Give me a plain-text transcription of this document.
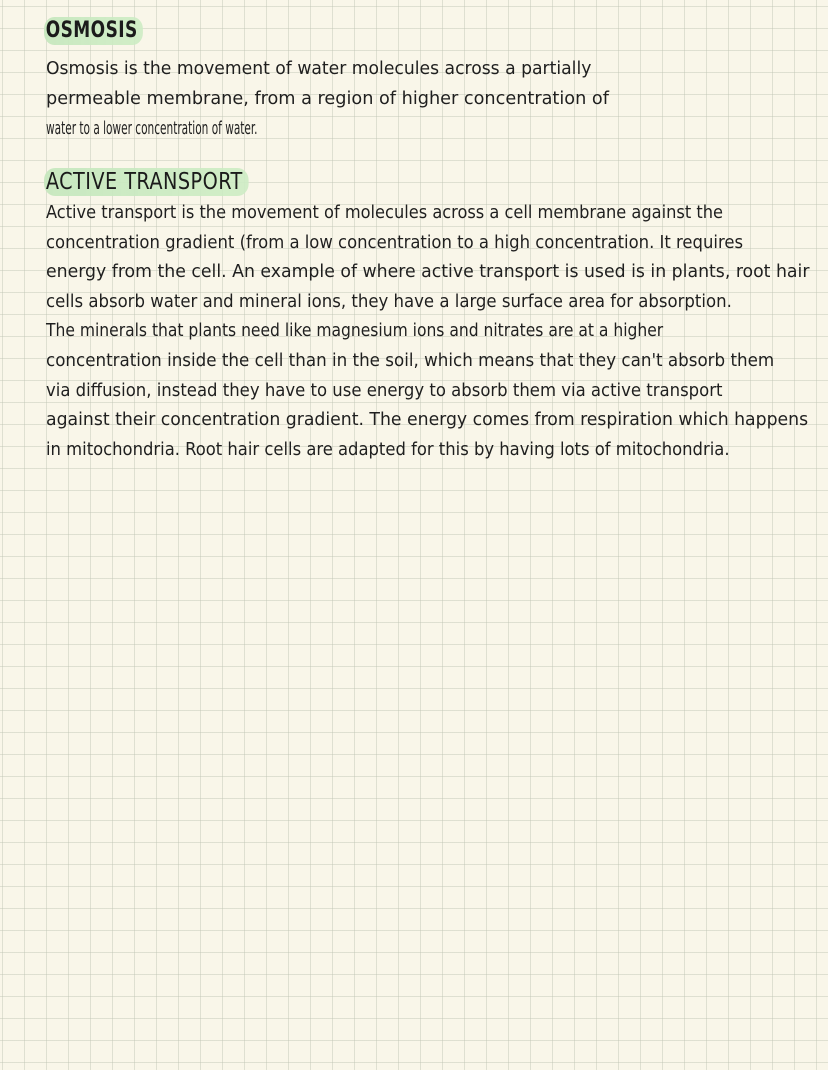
OSMOSIS

Osmosis is the movement of water molecules across a partially
permeable membrane, from a region of higher concentration of
water to a lower concentration of water.

ACTIVE TRANSPORT

Active transport is the movement of molecules across a cell membrane against the
concentration gradient (from a low concentration to a high concentration. It requires
energy from the cell. An example of where active transport is used is in plants, root hair
cells absorb water and mineral ions, they have a large surface area for absorption.
The minerals that plants need like magnesium ions and nitrates are at a higher
concentration inside the cell than in the soil, which means that they can't absorb them
via diffusion, instead they have to use energy to absorb them via active transport
against their concentration gradient. The energy comes from respiration which happens
in mitochondria. Root hair cells are adapted for this by having lots of mitochondria.
